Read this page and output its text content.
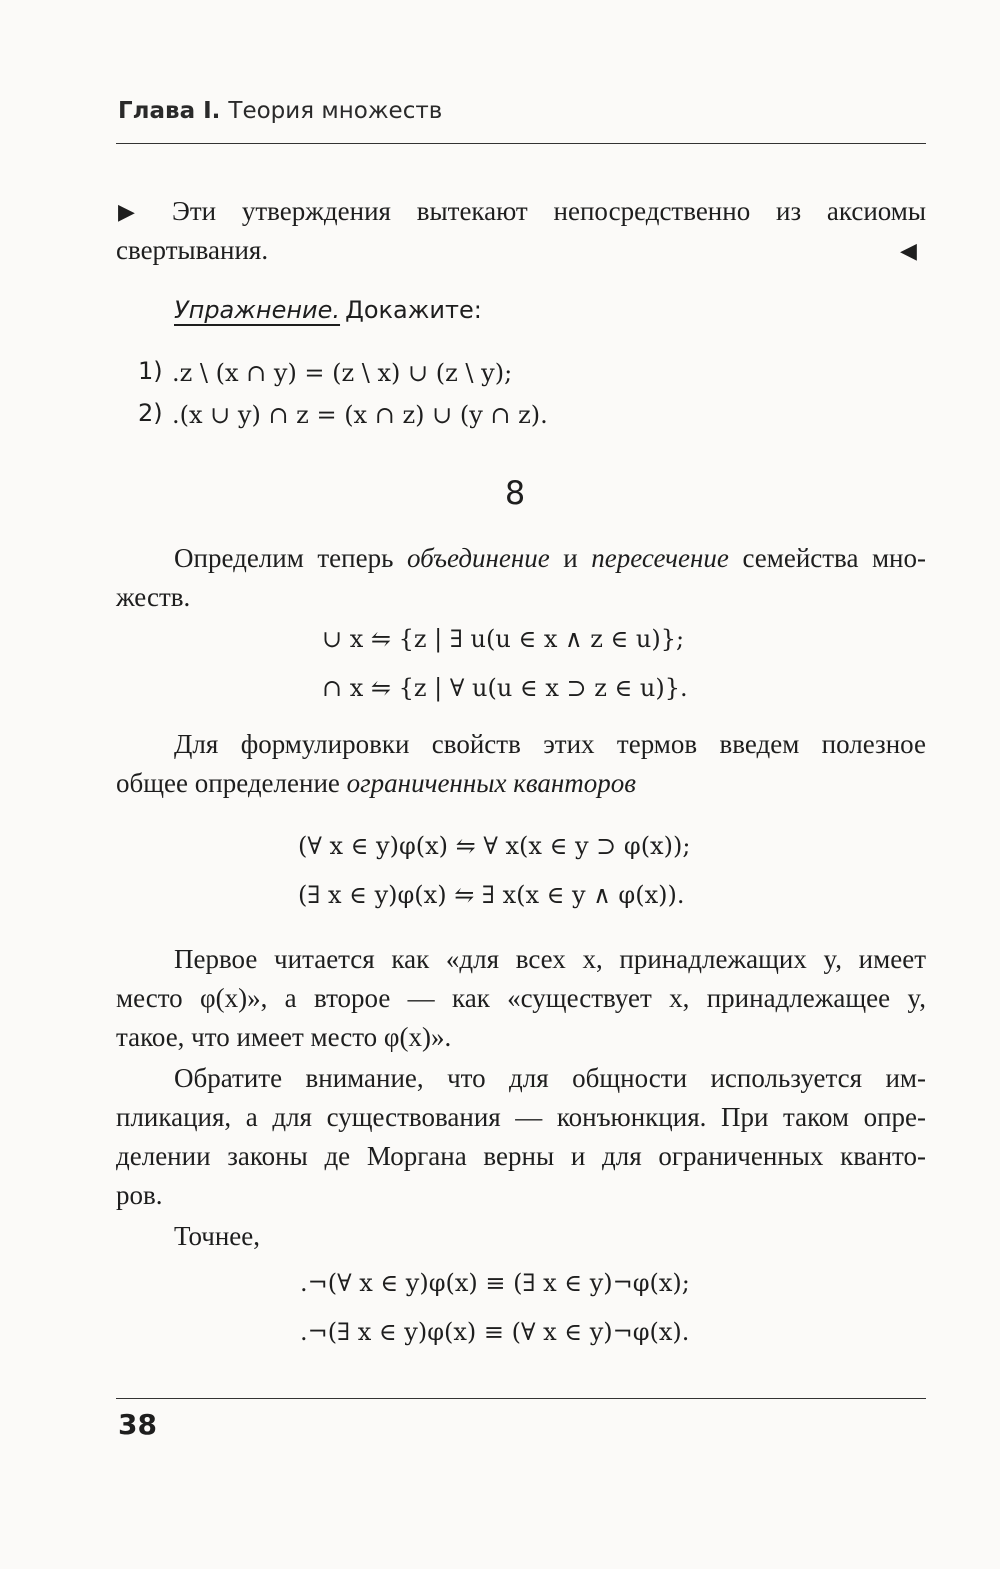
Глава I. Теория множеств
▶ Эти утверждения вытекают непосредственно из аксиомы
свертывания.	◀
Упражнение. Докажите:
1) .z \ (x ∩ y) = (z \ x) ∪ (z \ y);
2) .(x ∪ y) ∩ z = (x ∩ z) ∪ (y ∩ z).
8
Определим теперь объединение и пересечение семейства мно-
жеств.
∪ x ⇋ {z | ∃ u(u ∈ x ∧ z ∈ u)};
∩ x ⇋ {z | ∀ u(u ∈ x ⊃ z ∈ u)}.
Для формулировки свойств этих термов введем полезное
общее определение ограниченных кванторов
(∀ x ∈ y)φ(x) ⇋ ∀ x(x ∈ y ⊃ φ(x));
(∃ x ∈ y)φ(x) ⇋ ∃ x(x ∈ y ∧ φ(x)).
Первое читается как «для всех x, принадлежащих y, имеет
место φ(x)», а второе — как «существует x, принадлежащее y,
такое, что имеет место φ(x)».
Обратите внимание, что для общности используется им-
пликация, а для существования — конъюнкция. При таком опре-
делении законы де Моргана верны и для ограниченных кванто-
ров.
Точнее,
.¬(∀ x ∈ y)φ(x) ≡ (∃ x ∈ y)¬φ(x);
.¬(∃ x ∈ y)φ(x) ≡ (∀ x ∈ y)¬φ(x).
38
